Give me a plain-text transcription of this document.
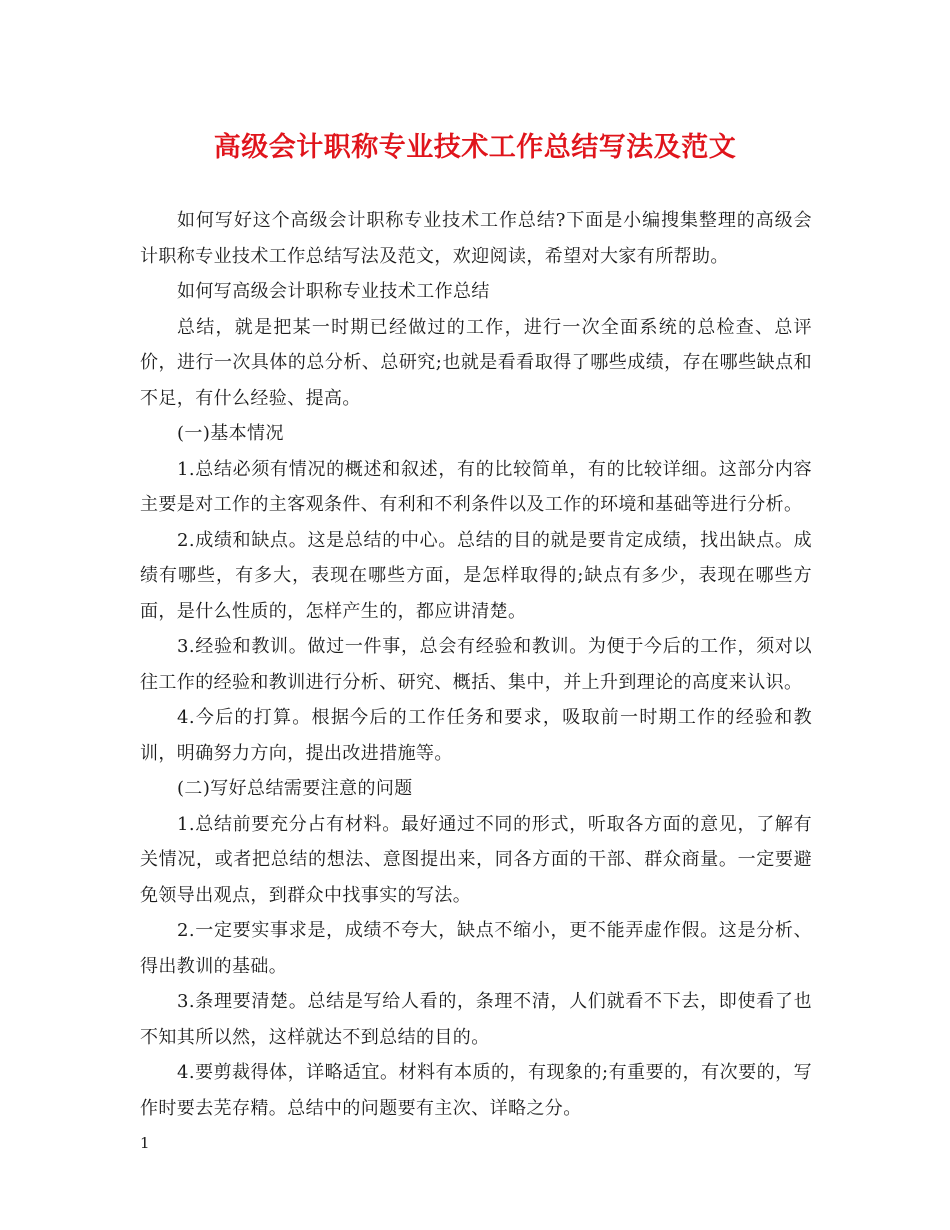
高级会计职称专业技术工作总结写法及范文

如何写好这个高级会计职称专业技术工作总结?下面是小编搜集整理的高级会计职称专业技术工作总结写法及范文，欢迎阅读，希望对大家有所帮助。

如何写高级会计职称专业技术工作总结

总结，就是把某一时期已经做过的工作，进行一次全面系统的总检查、总评价，进行一次具体的总分析、总研究;也就是看看取得了哪些成绩，存在哪些缺点和不足，有什么经验、提高。

(一)基本情况

1.总结必须有情况的概述和叙述，有的比较简单，有的比较详细。这部分内容主要是对工作的主客观条件、有利和不利条件以及工作的环境和基础等进行分析。

2.成绩和缺点。这是总结的中心。总结的目的就是要肯定成绩，找出缺点。成绩有哪些，有多大，表现在哪些方面，是怎样取得的;缺点有多少，表现在哪些方面，是什么性质的，怎样产生的，都应讲清楚。

3.经验和教训。做过一件事，总会有经验和教训。为便于今后的工作，须对以往工作的经验和教训进行分析、研究、概括、集中，并上升到理论的高度来认识。

4.今后的打算。根据今后的工作任务和要求，吸取前一时期工作的经验和教训，明确努力方向，提出改进措施等。

(二)写好总结需要注意的问题

1.总结前要充分占有材料。最好通过不同的形式，听取各方面的意见，了解有关情况，或者把总结的想法、意图提出来，同各方面的干部、群众商量。一定要避免领导出观点，到群众中找事实的写法。

2.一定要实事求是，成绩不夸大，缺点不缩小，更不能弄虚作假。这是分析、得出教训的基础。

3.条理要清楚。总结是写给人看的，条理不清，人们就看不下去，即使看了也不知其所以然，这样就达不到总结的目的。

4.要剪裁得体，详略适宜。材料有本质的，有现象的;有重要的，有次要的，写作时要去芜存精。总结中的问题要有主次、详略之分。

1
